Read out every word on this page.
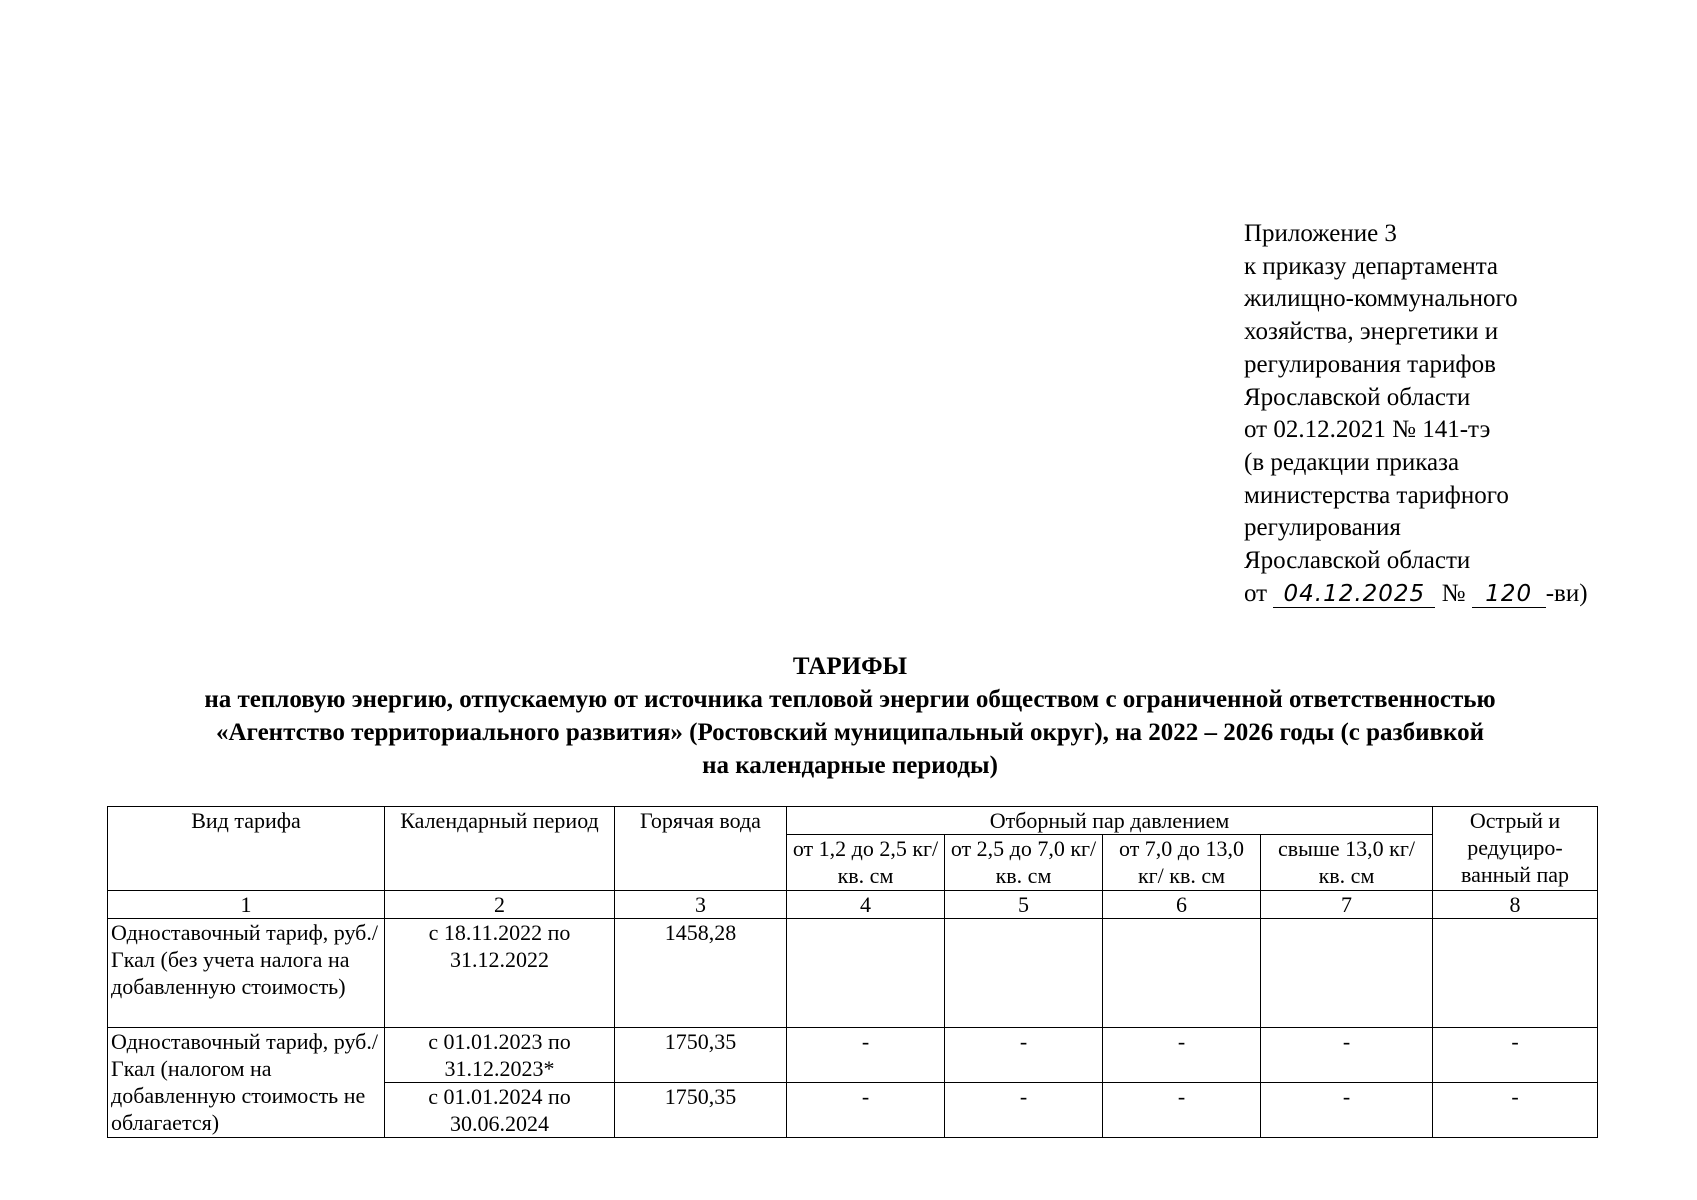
Приложение 3
к приказу департамента
жилищно-коммунального
хозяйства, энергетики и
регулирования тарифов
Ярославской области
от 02.12.2021 № 141-тэ
(в редакции приказа
министерства тарифного
регулирования
Ярославской области
от 04.12.2025 № 120 -ви)
ТАРИФЫ
на тепловую энергию, отпускаемую от источника тепловой энергии обществом с ограниченной ответственностью
«Агентство территориального развития» (Ростовский муниципальный округ), на 2022 – 2026 годы (с разбивкой
на календарные периоды)
Вид тарифа	Календарный период	Горячая вода	Отборный пар давлением				Острый и редуциро-ванный пар
			от 1,2 до 2,5 кг/ кв. см	от 2,5 до 7,0 кг/ кв. см	от 7,0 до 13,0 кг/ кв. см	свыше 13,0 кг/ кв. см	
1	2	3	4	5	6	7	8
Одноставочный тариф, руб./Гкал (без учета налога на добавленную стоимость)	с 18.11.2022 по 31.12.2022	1458,28					
Одноставочный тариф, руб./Гкал (налогом на добавленную стоимость не облагается)	с 01.01.2023 по 31.12.2023*	1750,35	-	-	-	-	-
	с 01.01.2024 по 30.06.2024	1750,35	-	-	-	-	-
